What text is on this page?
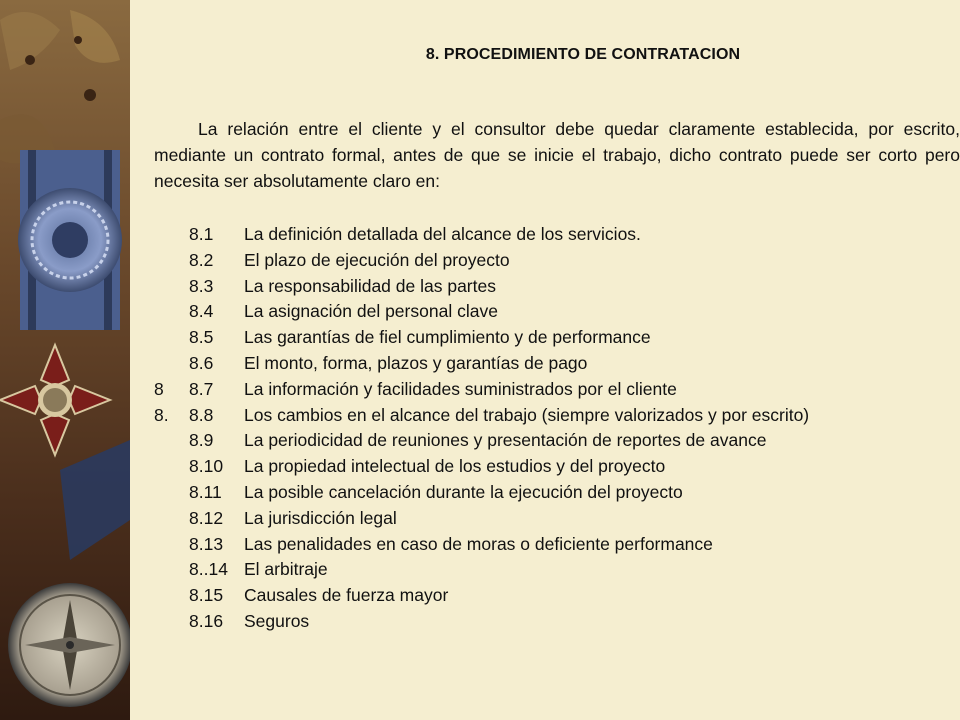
8. PROCEDIMIENTO DE CONTRATACION
La relación entre el cliente y el consultor debe quedar claramente establecida, por escrito, mediante un contrato formal, antes de que se inicie el trabajo, dicho contrato puede ser corto pero necesita ser absolutamente claro en:
8.1 La definición detallada del alcance de los servicios.
8.2 El plazo de ejecución del proyecto
8.3 La responsabilidad de las partes
8.4 La asignación del personal clave
8.5 Las garantías de fiel cumplimiento y de performance
8.6 El monto, forma, plazos y garantías de pago
8 8.7 La información y facilidades suministrados por el cliente
8. 8.8 Los cambios en el alcance del trabajo (siempre valorizados y por escrito)
8.9 La periodicidad de reuniones y presentación de reportes de avance
8.10 La propiedad intelectual de los estudios y del proyecto
8.11 La posible cancelación durante la ejecución del proyecto
8.12 La jurisdicción legal
8.13 Las penalidades en caso de moras o deficiente performance
8..14 El arbitraje
8.15 Causales de fuerza mayor
8.16 Seguros
